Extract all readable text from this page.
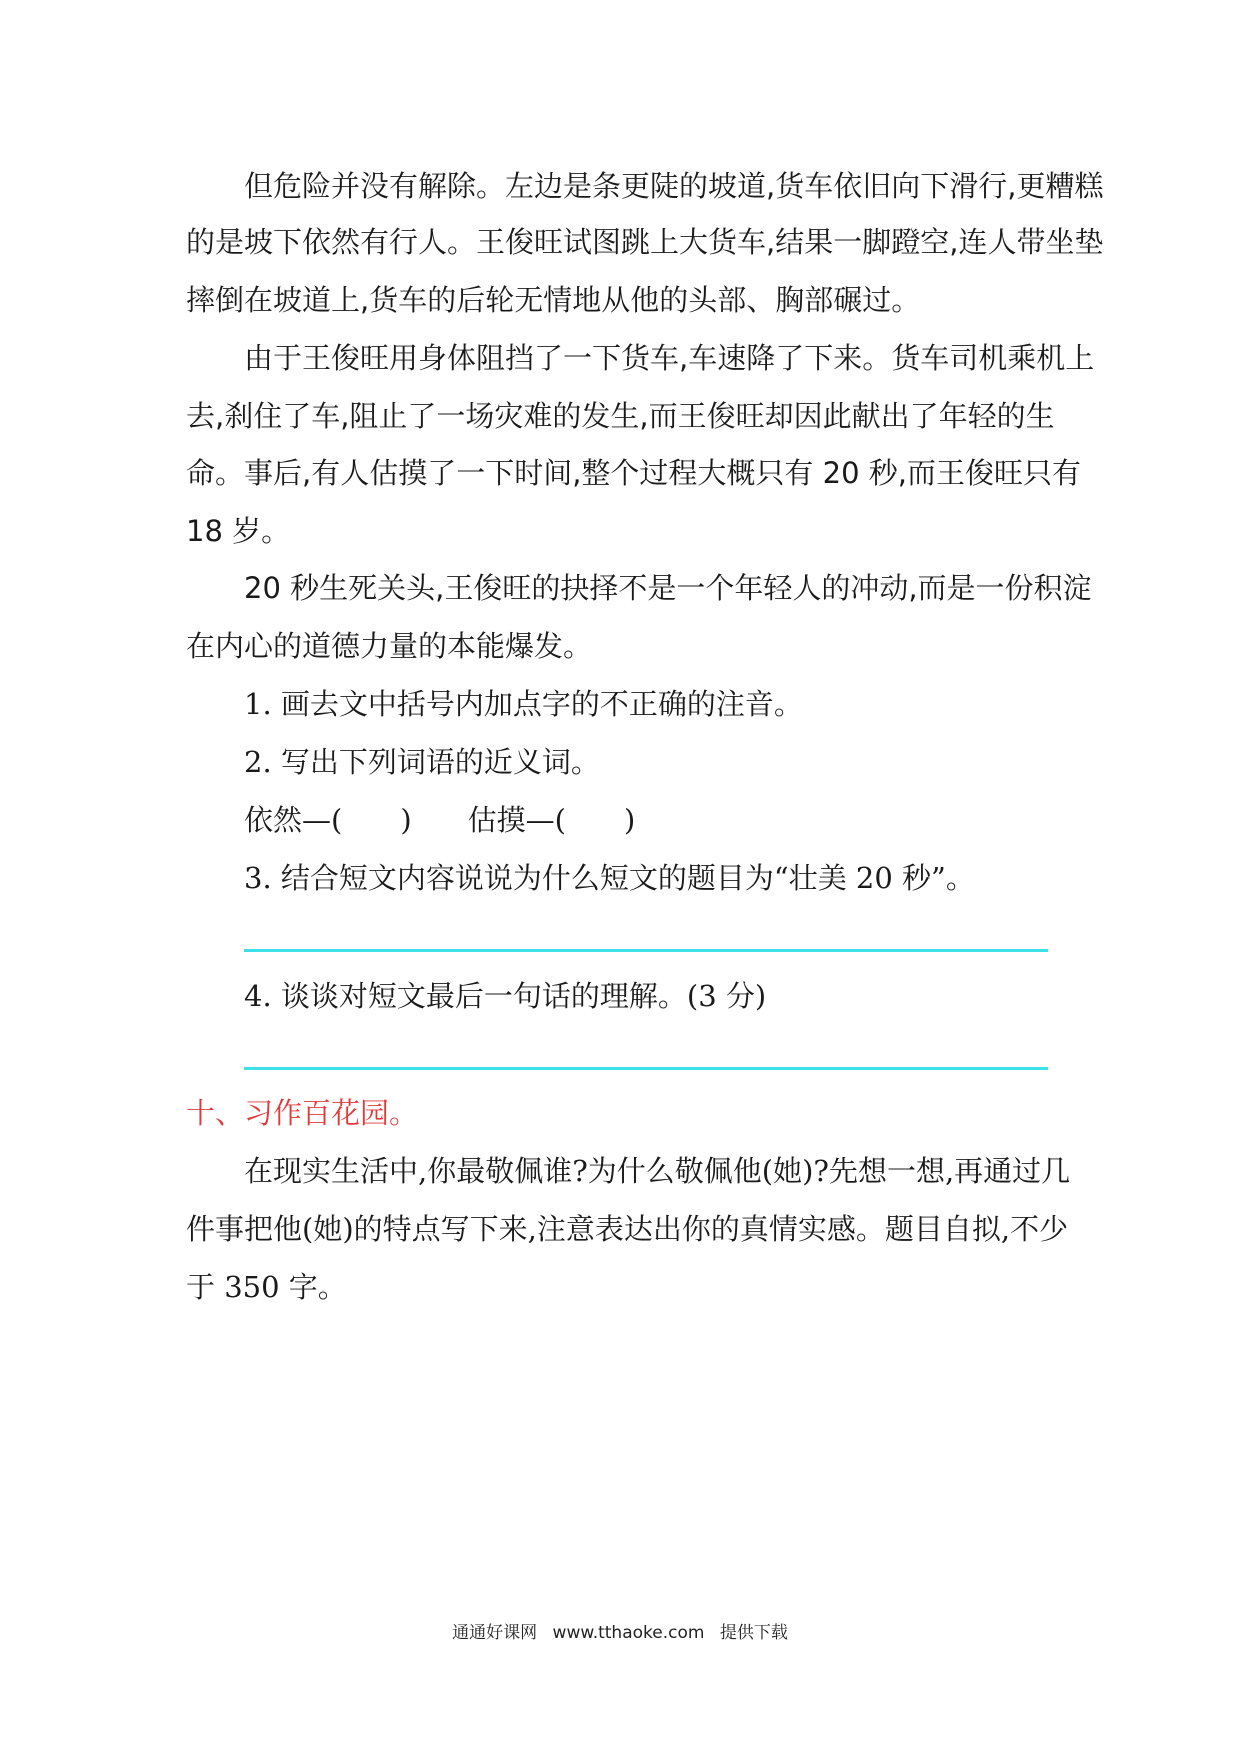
但危险并没有解除。左边是条更陡的坡道,货车依旧向下滑行,更糟糕
的是坡下依然有行人。王俊旺试图跳上大货车,结果一脚蹬空,连人带坐垫
摔倒在坡道上,货车的后轮无情地从他的头部、胸部碾过。
由于王俊旺用身体阻挡了一下货车,车速降了下来。货车司机乘机上
去,刹住了车,阻止了一场灾难的发生,而王俊旺却因此献出了年轻的生
命。事后,有人估摸了一下时间,整个过程大概只有 20 秒,而王俊旺只有
18 岁。
20 秒生死关头,王俊旺的抉择不是一个年轻人的冲动,而是一份积淀
在内心的道德力量的本能爆发。
1. 画去文中括号内加点字的不正确的注音。
2. 写出下列词语的近义词。
依然—(　　) 估摸—(　　)
3. 结合短文内容说说为什么短文的题目为“壮美 20 秒”。
4. 谈谈对短文最后一句话的理解。(3 分)
十、习作百花园。
在现实生活中,你最敬佩谁?为什么敬佩他(她)?先想一想,再通过几
件事把他(她)的特点写下来,注意表达出你的真情实感。题目自拟,不少
于 350 字。
通通好课网 www.tthaoke.com 提供下载
